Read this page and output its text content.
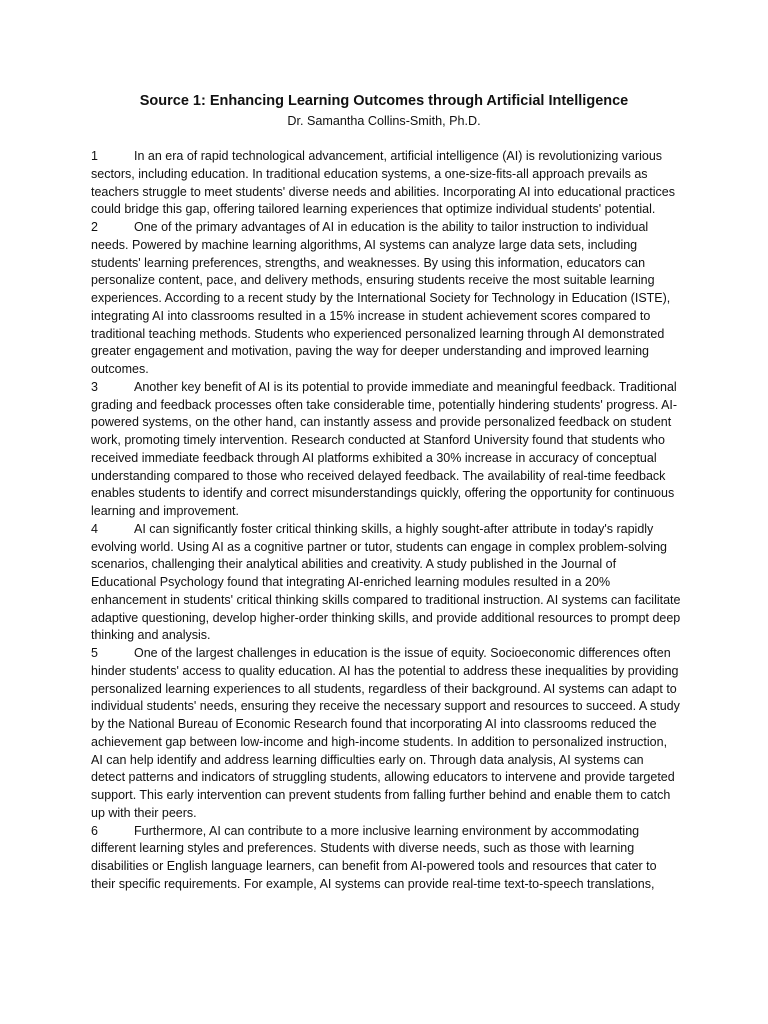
Source 1: Enhancing Learning Outcomes through Artificial Intelligence
Dr. Samantha Collins-Smith, Ph.D.

1	In an era of rapid technological advancement, artificial intelligence (AI) is revolutionizing various sectors, including education. In traditional education systems, a one-size-fits-all approach prevails as teachers struggle to meet students' diverse needs and abilities. Incorporating AI into educational practices could bridge this gap, offering tailored learning experiences that optimize individual students' potential.

2	One of the primary advantages of AI in education is the ability to tailor instruction to individual needs. Powered by machine learning algorithms, AI systems can analyze large data sets, including students' learning preferences, strengths, and weaknesses. By using this information, educators can personalize content, pace, and delivery methods, ensuring students receive the most suitable learning experiences. According to a recent study by the International Society for Technology in Education (ISTE), integrating AI into classrooms resulted in a 15% increase in student achievement scores compared to traditional teaching methods. Students who experienced personalized learning through AI demonstrated greater engagement and motivation, paving the way for deeper understanding and improved learning outcomes.

3	Another key benefit of AI is its potential to provide immediate and meaningful feedback. Traditional grading and feedback processes often take considerable time, potentially hindering students' progress. AI-powered systems, on the other hand, can instantly assess and provide personalized feedback on student work, promoting timely intervention. Research conducted at Stanford University found that students who received immediate feedback through AI platforms exhibited a 30% increase in accuracy of conceptual understanding compared to those who received delayed feedback. The availability of real-time feedback enables students to identify and correct misunderstandings quickly, offering the opportunity for continuous learning and improvement.

4	AI can significantly foster critical thinking skills, a highly sought-after attribute in today's rapidly evolving world. Using AI as a cognitive partner or tutor, students can engage in complex problem-solving scenarios, challenging their analytical abilities and creativity. A study published in the Journal of Educational Psychology found that integrating AI-enriched learning modules resulted in a 20% enhancement in students' critical thinking skills compared to traditional instruction. AI systems can facilitate adaptive questioning, develop higher-order thinking skills, and provide additional resources to prompt deep thinking and analysis.

5	One of the largest challenges in education is the issue of equity. Socioeconomic differences often hinder students' access to quality education. AI has the potential to address these inequalities by providing personalized learning experiences to all students, regardless of their background. AI systems can adapt to individual students' needs, ensuring they receive the necessary support and resources to succeed. A study by the National Bureau of Economic Research found that incorporating AI into classrooms reduced the achievement gap between low-income and high-income students. In addition to personalized instruction, AI can help identify and address learning difficulties early on. Through data analysis, AI systems can detect patterns and indicators of struggling students, allowing educators to intervene and provide targeted support. This early intervention can prevent students from falling further behind and enable them to catch up with their peers.

6	Furthermore, AI can contribute to a more inclusive learning environment by accommodating different learning styles and preferences. Students with diverse needs, such as those with learning disabilities or English language learners, can benefit from AI-powered tools and resources that cater to their specific requirements. For example, AI systems can provide real-time text-to-speech translations,
